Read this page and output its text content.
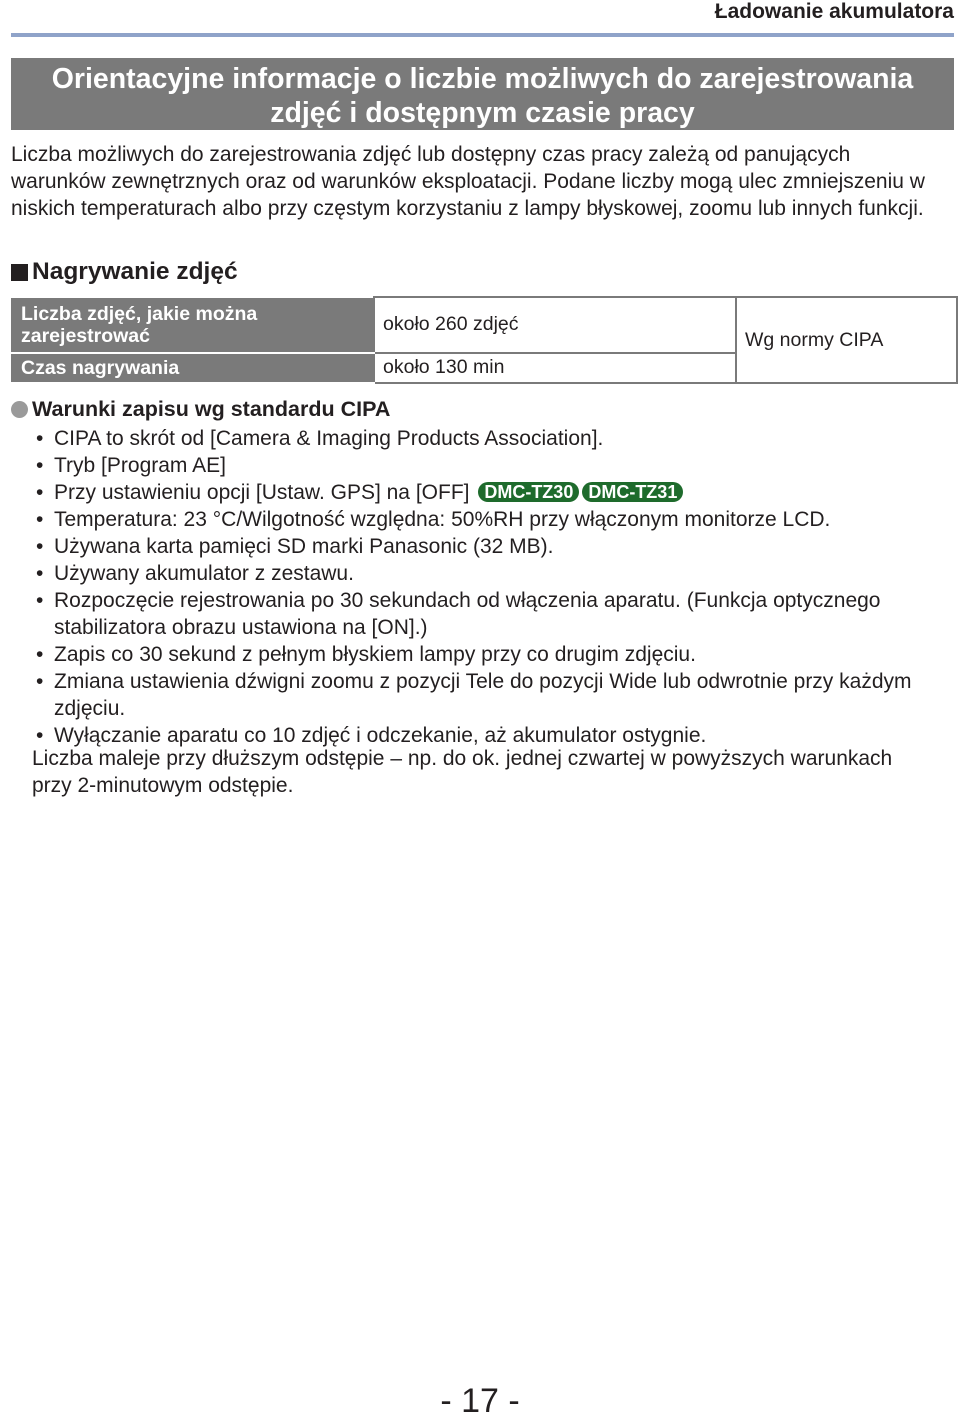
Ładowanie akumulatora
Orientacyjne informacje o liczbie możliwych do zarejestrowania
zdjęć i dostępnym czasie pracy

Liczba możliwych do zarejestrowania zdjęć lub dostępny czas pracy zależą od panujących warunków zewnętrznych oraz od warunków eksploatacji. Podane liczby mogą ulec zmniejszeniu w niskich temperaturach albo przy częstym korzystaniu z lampy błyskowej, zoomu lub innych funkcji.

Nagrywanie zdjęć
Liczba zdjęć, jakie można zarejestrować	około 260 zdjęć	Wg normy CIPA
Czas nagrywania	około 130 min	
Warunki zapisu wg standardu CIPA
• CIPA to skrót od [Camera & Imaging Products Association].
• Tryb [Program AE]
• Przy ustawieniu opcji [Ustaw. GPS] na [OFF] DMC-TZ30 DMC-TZ31
• Temperatura: 23 °C/Wilgotność względna: 50%RH przy włączonym monitorze LCD.
• Używana karta pamięci SD marki Panasonic (32 MB).
• Używany akumulator z zestawu.
• Rozpoczęcie rejestrowania po 30 sekundach od włączenia aparatu. (Funkcja optycznego stabilizatora obrazu ustawiona na [ON].)
• Zapis co 30 sekund z pełnym błyskiem lampy przy co drugim zdjęciu.
• Zmiana ustawienia dźwigni zoomu z pozycji Tele do pozycji Wide lub odwrotnie przy każdym zdjęciu.
• Wyłączanie aparatu co 10 zdjęć i odczekanie, aż akumulator ostygnie.

Liczba maleje przy dłuższym odstępie – np. do ok. jednej czwartej w powyższych warunkach przy 2-minutowym odstępie.

- 17 -
